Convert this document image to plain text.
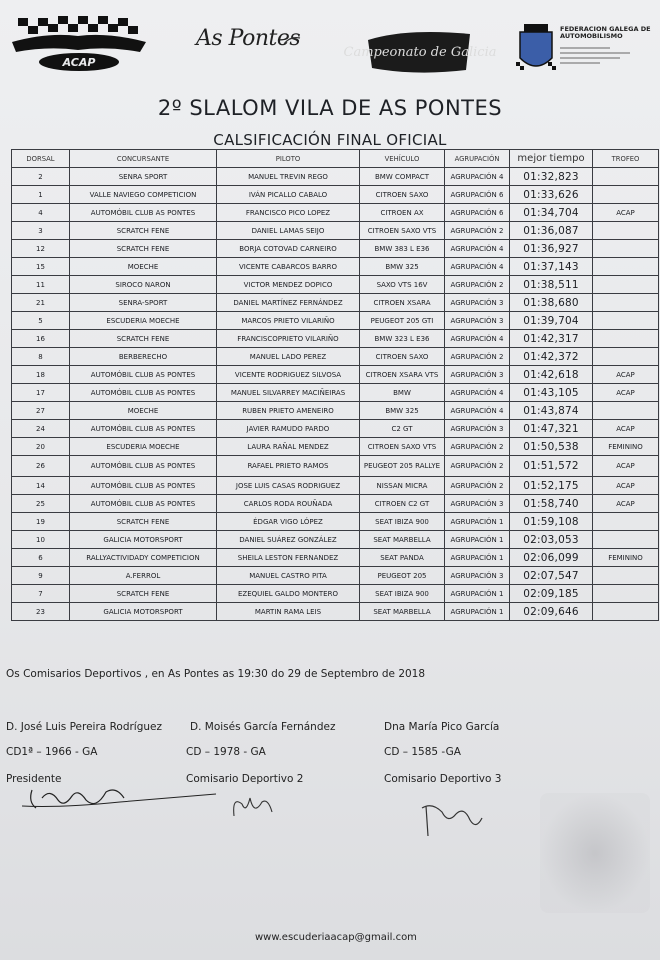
ACAP
As Pontes
Campeonato de Galicia
FEDERACION GALEGA DE AUTOMOBILISMO
2º SLALOM VILA DE AS PONTES
CALSIFICACIÓN FINAL OFICIAL
DORSAL	CONCURSANTE	PILOTO	VEHÍCULO	AGRUPACIÓN	mejor tiempo	TROFEO
2	SENRA SPORT	MANUEL TREVIN REGO	BMW COMPACT	AGRUPACIÓN 4	01:32,823	
1	VALLE NAVIEGO COMPETICION	IVÁN PICALLO CABALO	CITROEN SAXO	AGRUPACIÓN 6	01:33,626	
4	AUTOMÓBIL CLUB AS PONTES	FRANCISCO PICO LOPEZ	CITROEN AX	AGRUPACIÓN 6	01:34,704	ACAP
3	SCRATCH FENE	DANIEL LAMAS SEIJO	CITROEN SAXO VTS	AGRUPACIÓN 2	01:36,087	
12	SCRATCH FENE	BORJA COTOVAD CARNEIRO	BMW 383 L E36	AGRUPACIÓN 4	01:36,927	
15	MOECHE	VICENTE CABARCOS BARRO	BMW 325	AGRUPACIÓN 4	01:37,143	
11	SIROCO NARON	VICTOR MENDEZ DOPICO	SAXO VTS 16V	AGRUPACIÓN 2	01:38,511	
21	SENRA-SPORT	DANIEL MARTÍNEZ FERNÁNDEZ	CITROEN XSARA	AGRUPACIÓN 3	01:38,680	
5	ESCUDERIA MOECHE	MARCOS PRIETO VILARIÑO	PEUGEOT 205 GTI	AGRUPACIÓN 3	01:39,704	
16	SCRATCH FENE	FRANCISCOPRIETO VILARIÑO	BMW 323 L E36	AGRUPACIÓN 4	01:42,317	
8	BERBERECHO	MANUEL LADO PEREZ	CITROEN SAXO	AGRUPACIÓN 2	01:42,372	
18	AUTOMÓBIL CLUB AS PONTES	VICENTE RODRIGUEZ SILVOSA	CITROEN XSARA VTS	AGRUPACIÓN 3	01:42,618	ACAP
17	AUTOMÓBIL CLUB AS PONTES	MANUEL SILVARREY MACIÑEIRAS	BMW	AGRUPACIÓN 4	01:43,105	ACAP
27	MOECHE	RUBEN PRIETO AMENEIRO	BMW 325	AGRUPACIÓN 4	01:43,874	
24	AUTOMÓBIL CLUB AS PONTES	JAVIER RAMUDO PARDO	C2 GT	AGRUPACIÓN 3	01:47,321	ACAP
20	ESCUDERIA MOECHE	LAURA RAÑAL MENDEZ	CITROEN SAXO VTS	AGRUPACIÓN 2	01:50,538	FEMININO
26	AUTOMÓBIL CLUB AS PONTES	RAFAEL PRIETO RAMOS	PEUGEOT 205 RALLYE	AGRUPACIÓN 2	01:51,572	ACAP
14	AUTOMÓBIL CLUB AS PONTES	JOSE LUIS CASAS RODRIGUEZ	NISSAN MICRA	AGRUPACIÓN 2	01:52,175	ACAP
25	AUTOMÓBIL CLUB AS PONTES	CARLOS RODA ROUÑADA	CITROEN C2 GT	AGRUPACIÓN 3	01:58,740	ACAP
19	SCRATCH FENE	ÉDGAR VIGO LÓPEZ	SEAT IBIZA 900	AGRUPACIÓN 1	01:59,108	
10	GALICIA MOTORSPORT	DANIEL SUÁREZ GONZÁLEZ	SEAT MARBELLA	AGRUPACIÓN 1	02:03,053	
6	RALLYACTIVIDADY COMPETICION	SHEILA LESTON FERNANDEZ	SEAT PANDA	AGRUPACIÓN 1	02:06,099	FEMININO
9	A.FERROL	MANUEL CASTRO PITA	PEUGEOT 205	AGRUPACIÓN 3	02:07,547	
7	SCRATCH FENE	EZEQUIEL GALDO MONTERO	SEAT IBIZA 900	AGRUPACIÓN 1	02:09,185	
23	GALICIA MOTORSPORT	MARTIN RAMA LEIS	SEAT MARBELLA	AGRUPACIÓN 1	02:09,646	
Os Comisarios Deportivos , en As Pontes as 19:30 do 29 de Septembro de 2018
D. José Luis Pereira Rodríguez	D. Moisés García Fernández	Dna María Pico García
CD1ª – 1966 - GA	CD – 1978 - GA	CD – 1585 -GA
Presidente	Comisario Deportivo 2	Comisario Deportivo 3
www.escuderiaacap@gmail.com
